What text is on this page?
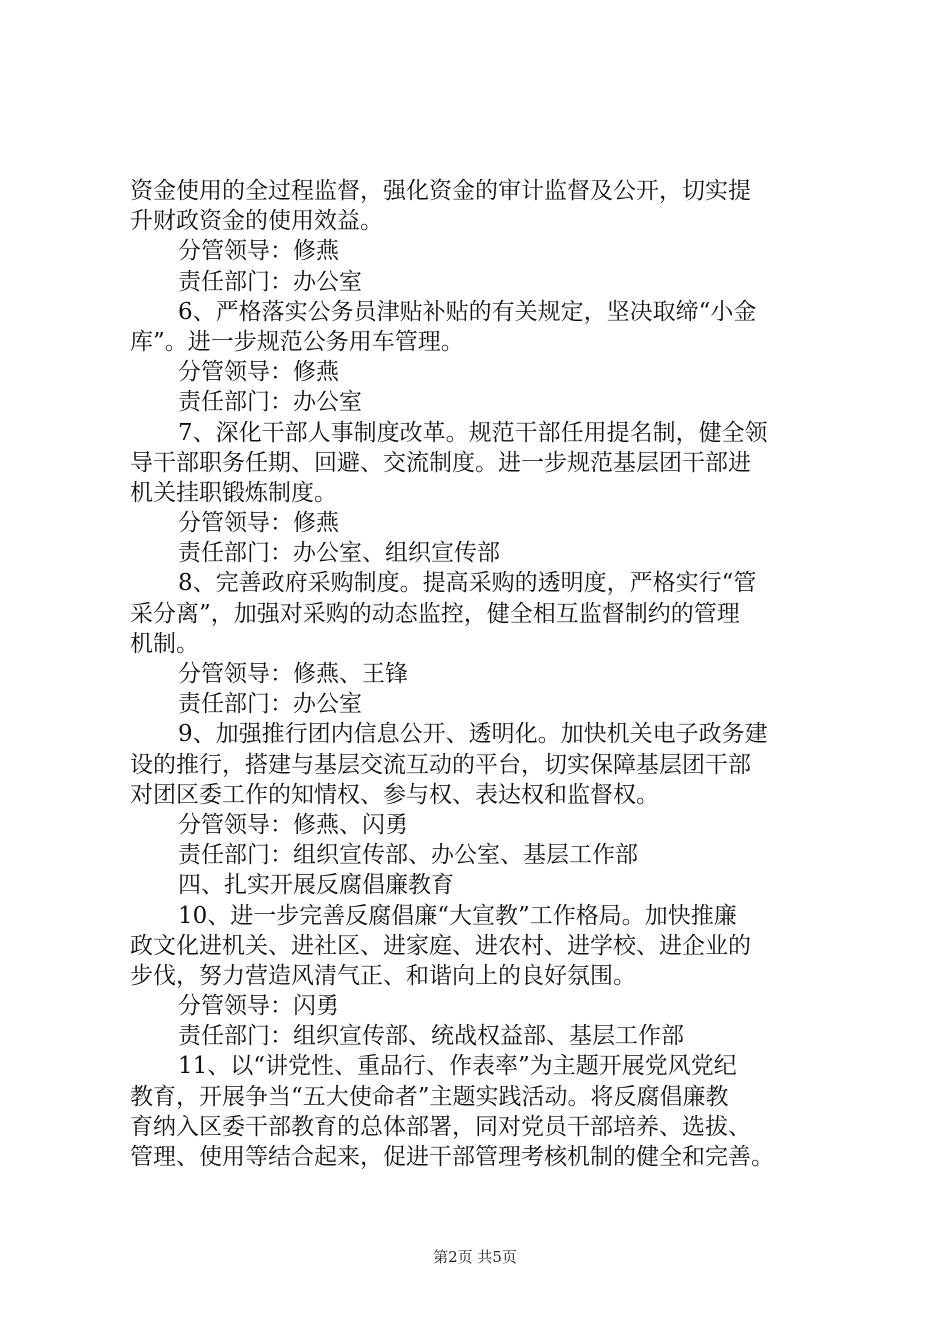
资金使用的全过程监督，强化资金的审计监督及公开，切实提
升财政资金的使用效益。
分管领导：修燕
责任部门：办公室
6、严格落实公务员津贴补贴的有关规定，坚决取缔“小金
库”。进一步规范公务用车管理。
分管领导：修燕
责任部门：办公室
7、深化干部人事制度改革。规范干部任用提名制，健全领
导干部职务任期、回避、交流制度。进一步规范基层团干部进
机关挂职锻炼制度。
分管领导：修燕
责任部门：办公室、组织宣传部
8、完善政府采购制度。提高采购的透明度，严格实行“管
采分离”，加强对采购的动态监控，健全相互监督制约的管理
机制。
分管领导：修燕、王锋
责任部门：办公室
9、加强推行团内信息公开、透明化。加快机关电子政务建
设的推行，搭建与基层交流互动的平台，切实保障基层团干部
对团区委工作的知情权、参与权、表达权和监督权。
分管领导：修燕、闪勇
责任部门：组织宣传部、办公室、基层工作部
四、扎实开展反腐倡廉教育
10、进一步完善反腐倡廉“大宣教”工作格局。加快推廉
政文化进机关、进社区、进家庭、进农村、进学校、进企业的
步伐，努力营造风清气正、和谐向上的良好氛围。
分管领导：闪勇
责任部门：组织宣传部、统战权益部、基层工作部
11、以“讲党性、重品行、作表率”为主题开展党风党纪
教育，开展争当“五大使命者”主题实践活动。将反腐倡廉教
育纳入区委干部教育的总体部署，同对党员干部培养、选拔、
管理、使用等结合起来，促进干部管理考核机制的健全和完善。
第2页 共5页
